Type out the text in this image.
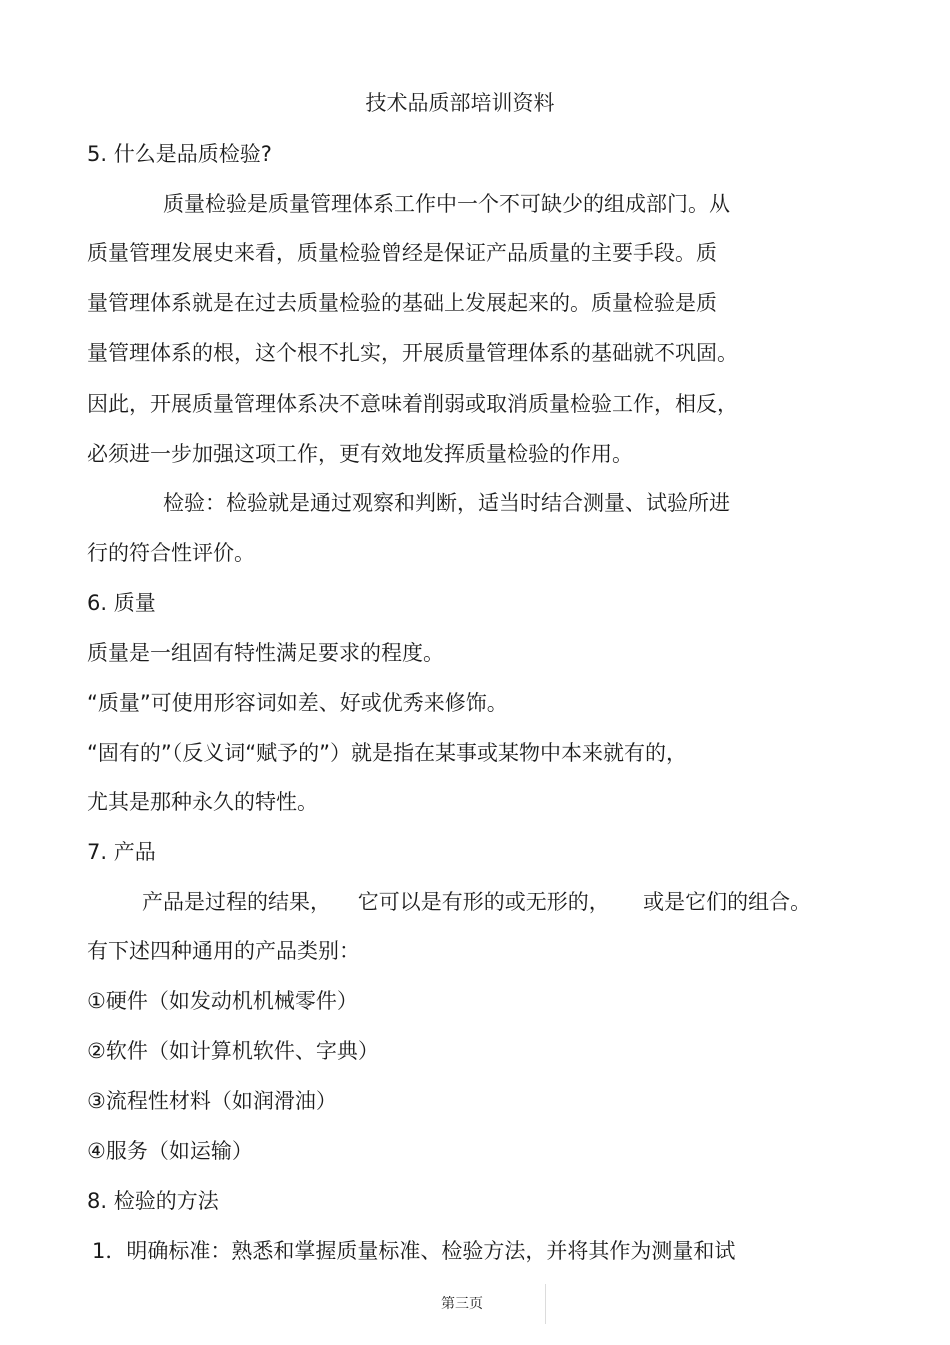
技术品质部培训资料
5. 什么是品质检验?
质量检验是质量管理体系工作中一个不可缺少的组成部门。从
质量管理发展史来看，质量检验曾经是保证产品质量的主要手段。质
量管理体系就是在过去质量检验的基础上发展起来的。质量检验是质
量管理体系的根，这个根不扎实，开展质量管理体系的基础就不巩固。
因此，开展质量管理体系决不意味着削弱或取消质量检验工作，相反，
必须进一步加强这项工作，更有效地发挥质量检验的作用。
检验：检验就是通过观察和判断，适当时结合测量、试验所进
行的符合性评价。
6. 质量
质量是一组固有特性满足要求的程度。
“质量”可使用形容词如差、好或优秀来修饰。
“固有的”（反义词“赋予的”）就是指在某事或某物中本来就有的，
尤其是那种永久的特性。
7. 产品
产品是过程的结果，    它可以是有形的或无形的，     或是它们的组合。
有下述四种通用的产品类别：
①硬件（如发动机机械零件）
②软件（如计算机软件、字典）
③流程性材料（如润滑油）
④服务（如运输）
8. 检验的方法
1．明确标准：熟悉和掌握质量标准、检验方法，并将其作为测量和试
第三页
